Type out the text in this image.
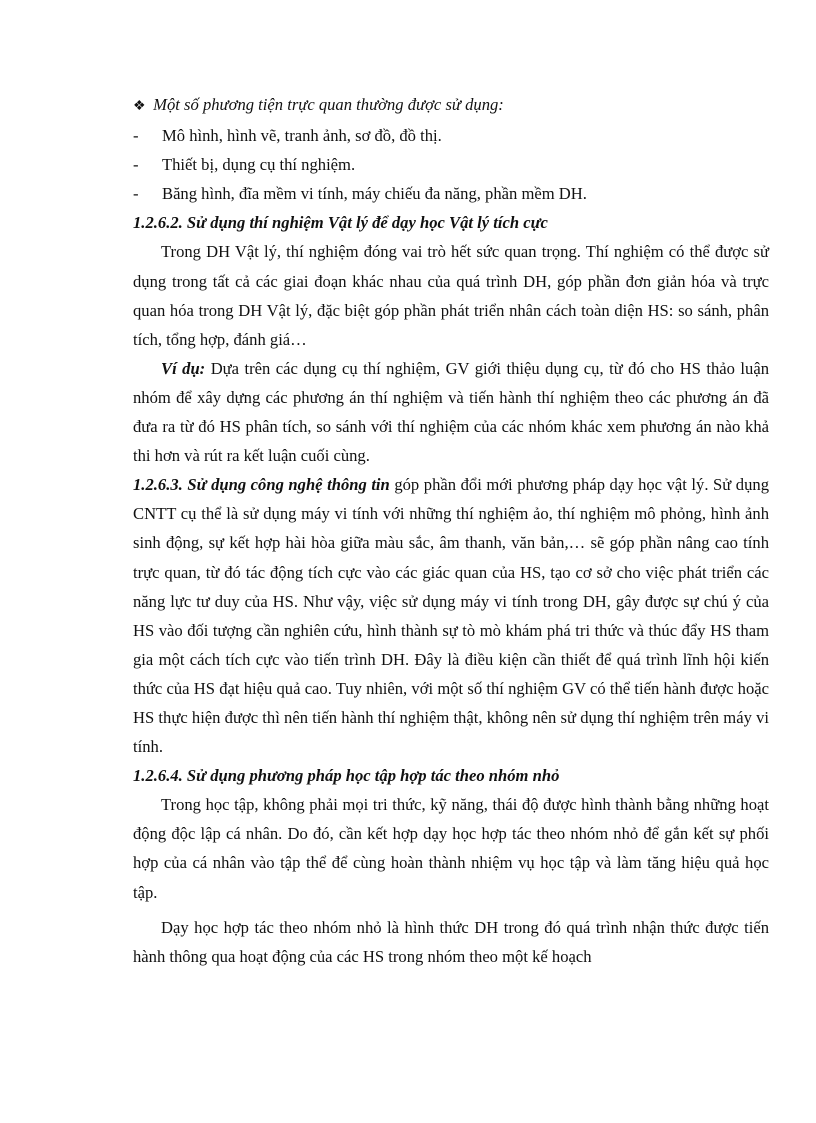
❖ Một số phương tiện trực quan thường được sử dụng:

-	Mô hình, hình vẽ, tranh ảnh, sơ đồ, đồ thị.
-	Thiết bị, dụng cụ thí nghiệm.
-	Băng hình, đĩa mềm vi tính, máy chiếu đa năng, phần mềm DH.

1.2.6.2. Sử dụng thí nghiệm Vật lý để dạy học Vật lý tích cực

Trong DH Vật lý, thí nghiệm đóng vai trò hết sức quan trọng. Thí nghiệm có thể được sử dụng trong tất cả các giai đoạn khác nhau của quá trình DH, góp phần đơn giản hóa và trực quan hóa trong DH Vật lý, đặc biệt góp phần phát triển nhân cách toàn diện HS: so sánh, phân tích, tổng hợp, đánh giá…

Ví dụ: Dựa trên các dụng cụ thí nghiệm, GV giới thiệu dụng cụ, từ đó cho HS thảo luận nhóm để xây dựng các phương án thí nghiệm và tiến hành thí nghiệm theo các phương án đã đưa ra từ đó HS phân tích, so sánh với thí nghiệm của các nhóm khác xem phương án nào khả thi hơn và rút ra kết luận cuối cùng.

1.2.6.3. Sử dụng công nghệ thông tin góp phần đổi mới phương pháp dạy học vật lý. Sử dụng CNTT cụ thể là sử dụng máy vi tính với những thí nghiệm ảo, thí nghiệm mô phỏng, hình ảnh sinh động, sự kết hợp hài hòa giữa màu sắc, âm thanh, văn bản,… sẽ góp phần nâng cao tính trực quan, từ đó tác động tích cực vào các giác quan của HS, tạo cơ sở cho việc phát triển các năng lực tư duy của HS. Như vậy, việc sử dụng máy vi tính trong DH, gây được sự chú ý của HS vào đối tượng cần nghiên cứu, hình thành sự tò mò khám phá tri thức và thúc đẩy HS tham gia một cách tích cực vào tiến trình DH. Đây là điều kiện cần thiết để quá trình lĩnh hội kiến thức của HS đạt hiệu quả cao. Tuy nhiên, với một số thí nghiệm GV có thể tiến hành được hoặc HS thực hiện được thì nên tiến hành thí nghiệm thật, không nên sử dụng thí nghiệm trên máy vi tính.

1.2.6.4. Sử dụng phương pháp học tập hợp tác theo nhóm nhỏ

Trong học tập, không phải mọi tri thức, kỹ năng, thái độ được hình thành bằng những hoạt động độc lập cá nhân. Do đó, cần kết hợp dạy học hợp tác theo nhóm nhỏ để gắn kết sự phối hợp của cá nhân vào tập thể để cùng hoàn thành nhiệm vụ học tập và làm tăng hiệu quả học tập.

Dạy học hợp tác theo nhóm nhỏ là hình thức DH trong đó quá trình nhận thức được tiến hành thông qua hoạt động của các HS trong nhóm theo một kế hoạch
